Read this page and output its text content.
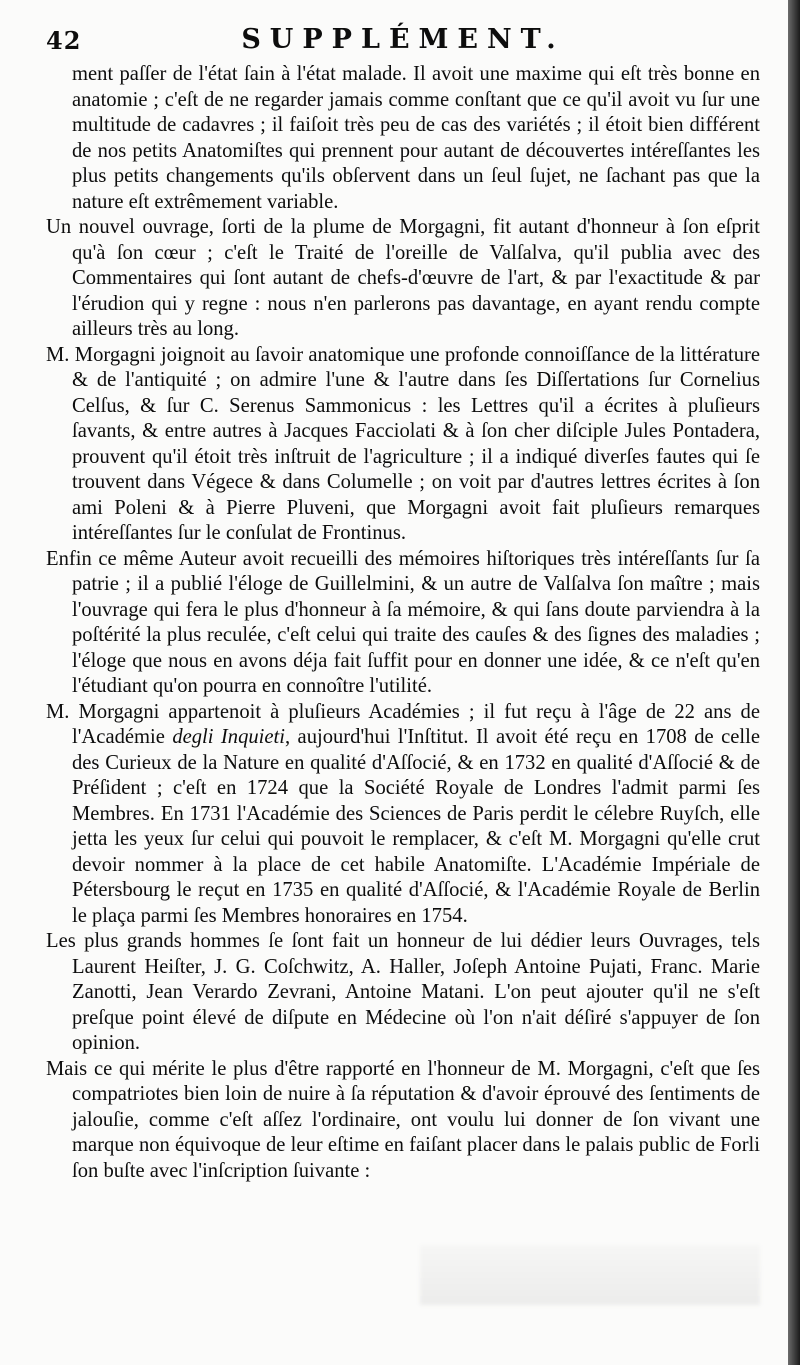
42	SUPPLÉMENT.

ment paſſer de l'état ſain à l'état malade. Il avoit une maxime qui eſt très bonne en anatomie ; c'eſt de ne regarder jamais comme conſtant que ce qu'il avoit vu ſur une multitude de cadavres ; il faiſoit très peu de cas des variétés ; il étoit bien différent de nos petits Anatomiſtes qui prennent pour autant de découvertes intéreſſantes les plus petits changements qu'ils obſervent dans un ſeul ſujet, ne ſachant pas que la nature eſt extrêmement variable.

Un nouvel ouvrage, ſorti de la plume de Morgagni, fit autant d'honneur à ſon eſprit qu'à ſon cœur ; c'eſt le Traité de l'oreille de Valſalva, qu'il publia avec des Commentaires qui ſont autant de chefs-d'œuvre de l'art, & par l'exactitude & par l'érudion qui y regne : nous n'en parlerons pas davantage, en ayant rendu compte ailleurs très au long.

M. Morgagni joignoit au ſavoir anatomique une profonde connoiſſance de la littérature & de l'antiquité ; on admire l'une & l'autre dans ſes Diſſertations ſur Cornelius Celſus, & ſur C. Serenus Sammonicus : les Lettres qu'il a écrites à pluſieurs ſavants, & entre autres à Jacques Facciolati & à ſon cher diſciple Jules Pontadera, prouvent qu'il étoit très inſtruit de l'agriculture ; il a indiqué diverſes fautes qui ſe trouvent dans Végece & dans Columelle ; on voit par d'autres lettres écrites à ſon ami Poleni & à Pierre Pluveni, que Morgagni avoit fait pluſieurs remarques intéreſſantes ſur le conſulat de Frontinus.

Enfin ce même Auteur avoit recueilli des mémoires hiſtoriques très intéreſſants ſur ſa patrie ; il a publié l'éloge de Guillelmini, & un autre de Valſalva ſon maître ; mais l'ouvrage qui fera le plus d'honneur à ſa mémoire, & qui ſans doute parviendra à la poſtérité la plus reculée, c'eſt celui qui traite des cauſes & des ſignes des maladies ; l'éloge que nous en avons déja fait ſuffit pour en donner une idée, & ce n'eſt qu'en l'étudiant qu'on pourra en connoître l'utilité.

M. Morgagni appartenoit à pluſieurs Académies ; il fut reçu à l'âge de 22 ans de l'Académie degli Inquieti, aujourd'hui l'Inſtitut. Il avoit été reçu en 1708 de celle des Curieux de la Nature en qualité d'Aſſocié, & en 1732 en qualité d'Aſſocié & de Préſident ; c'eſt en 1724 que la Société Royale de Londres l'admit parmi ſes Membres. En 1731 l'Académie des Sciences de Paris perdit le célebre Ruyſch, elle jetta les yeux ſur celui qui pouvoit le remplacer, & c'eſt M. Morgagni qu'elle crut devoir nommer à la place de cet habile Anatomiſte. L'Académie Impériale de Pétersbourg le reçut en 1735 en qualité d'Aſſocié, & l'Académie Royale de Berlin le plaça parmi ſes Membres honoraires en 1754.

Les plus grands hommes ſe ſont fait un honneur de lui dédier leurs Ouvrages, tels Laurent Heiſter, J. G. Coſchwitz, A. Haller, Joſeph Antoine Pujati, Franc. Marie Zanotti, Jean Verardo Zevrani, Antoine Matani. L'on peut ajouter qu'il ne s'eſt preſque point élevé de diſpute en Médecine où l'on n'ait déſiré s'appuyer de ſon opinion.

Mais ce qui mérite le plus d'être rapporté en l'honneur de M. Morgagni, c'eſt que ſes compatriotes bien loin de nuire à ſa réputation & d'avoir éprouvé des ſentiments de jalouſie, comme c'eſt aſſez l'ordinaire, ont voulu lui donner de ſon vivant une marque non équivoque de leur eſtime en faiſant placer dans le palais public de Forli ſon buſte avec l'inſcription ſuivante :
